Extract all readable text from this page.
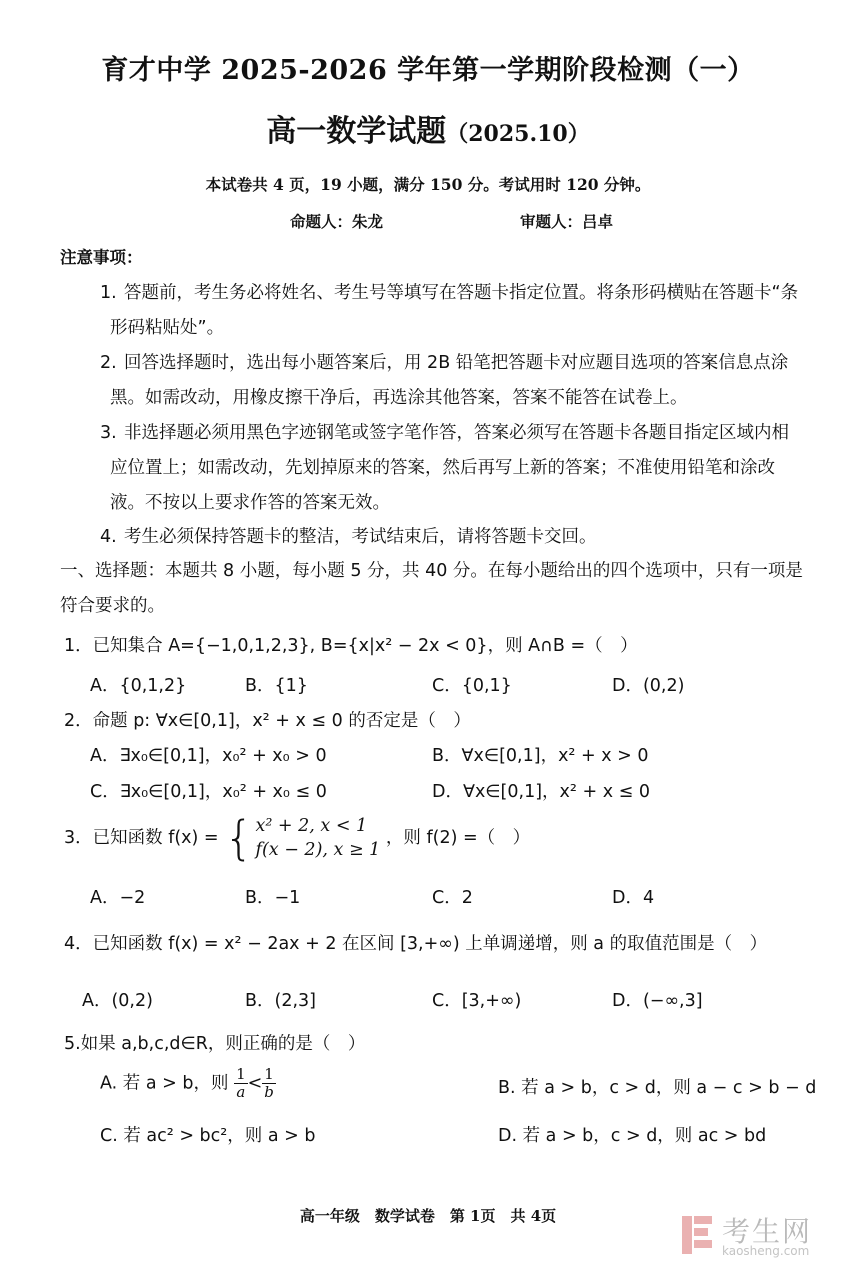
育才中学 2025-2026 学年第一学期阶段检测（一）
高一数学试题（2025.10）
本试卷共 4 页，19 小题，满分 150 分。考试用时 120 分钟。
命题人：朱龙	审题人：吕卓
注意事项：
1. 答题前，考生务必将姓名、考生号等填写在答题卡指定位置。将条形码横贴在答题卡“条
形码粘贴处”。
2. 回答选择题时，选出每小题答案后，用 2B 铅笔把答题卡对应题目选项的答案信息点涂
黑。如需改动，用橡皮擦干净后，再选涂其他答案，答案不能答在试卷上。
3. 非选择题必须用黑色字迹钢笔或签字笔作答，答案必须写在答题卡各题目指定区域内相
应位置上；如需改动，先划掉原来的答案，然后再写上新的答案；不准使用铅笔和涂改
液。不按以上要求作答的答案无效。
4. 考生必须保持答题卡的整洁，考试结束后，请将答题卡交回。
一、选择题：本题共 8 小题，每小题 5 分，共 40 分。在每小题给出的四个选项中，只有一项是
符合要求的。
1．已知集合 A={−1,0,1,2,3}, B={x|x² − 2x < 0}，则 A∩B =（　）
A．{0,1,2}	B．{1}	C．{0,1}	D．(0,2)
2．命题 p: ∀x∈[0,1]，x² + x ≤ 0 的否定是（　）
A．∃x₀∈[0,1]，x₀² + x₀ > 0	B．∀x∈[0,1]，x² + x > 0
C．∃x₀∈[0,1]，x₀² + x₀ ≤ 0	D．∀x∈[0,1]，x² + x ≤ 0
3．已知函数 f(x) = { x² + 2, x < 1
f(x − 2), x ≥ 1
，则 f(2) =（　）
A．−2	B．−1	C．2	D．4
4．已知函数 f(x) = x² − 2ax + 2 在区间 [3,+∞) 上单调递增，则 a 的取值范围是（　）
A．(0,2)	B．(2,3]	C．[3,+∞)	D．(−∞,3]
5.如果 a,b,c,d∈R，则正确的是（　）
A. 若 a > b，则 $\frac{1}{a} < \frac{1}{b}$	B. 若 a > b，c > d，则 a − c > b − d
C. 若 ac² > bc²，则 a > b	D. 若 a > b，c > d，则 ac > bd
高一年级　数学试卷　第 1页　共 4页	考生网
kaosheng.com
